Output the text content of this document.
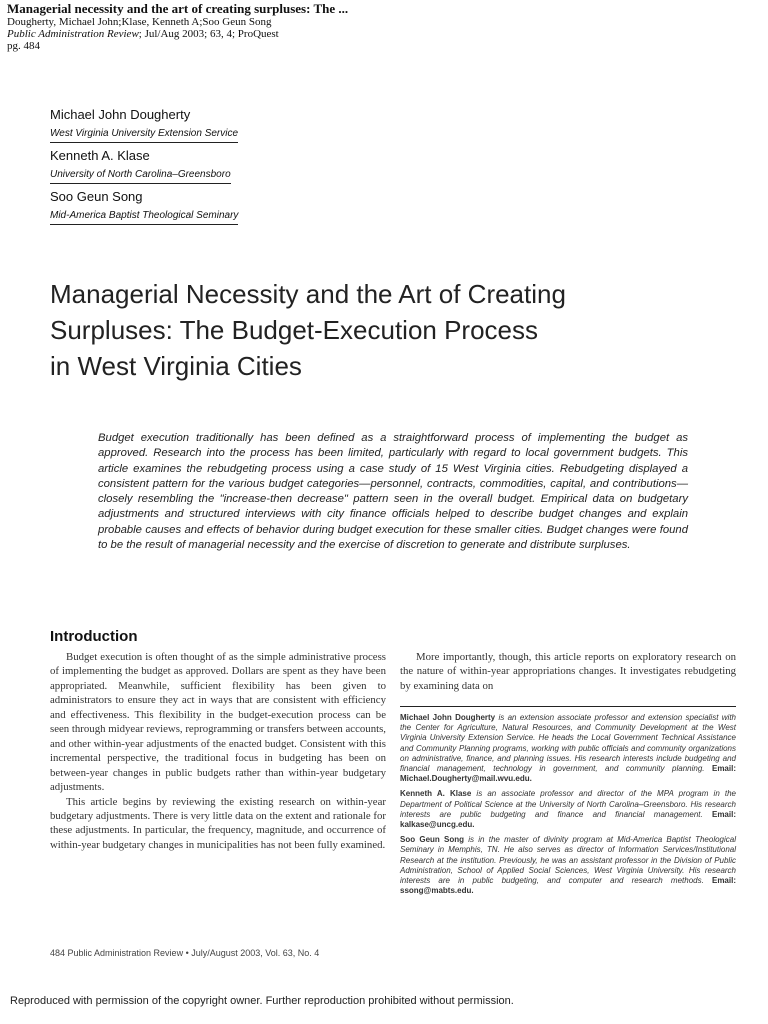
Managerial necessity and the art of creating surpluses: The ...
Dougherty, Michael John;Klase, Kenneth A;Soo Geun Song
Public Administration Review; Jul/Aug 2003; 63, 4; ProQuest
pg. 484
Michael John Dougherty
West Virginia University Extension Service
Kenneth A. Klase
University of North Carolina–Greensboro
Soo Geun Song
Mid-America Baptist Theological Seminary
Managerial Necessity and the Art of Creating
Surpluses: The Budget-Execution Process
in West Virginia Cities
Budget execution traditionally has been defined as a straightforward process of implementing the budget as approved. Research into the process has been limited, particularly with regard to local government budgets. This article examines the rebudgeting process using a case study of 15 West Virginia cities. Rebudgeting displayed a consistent pattern for the various budget categories—personnel, contracts, commodities, capital, and contributions—closely resembling the "increase-then decrease" pattern seen in the overall budget. Empirical data on budgetary adjustments and structured interviews with city finance officials helped to describe budget changes and explain probable causes and effects of behavior during budget execution for these smaller cities. Budget changes were found to be the result of managerial necessity and the exercise of discretion to generate and distribute surpluses.
Introduction

Budget execution is often thought of as the simple administrative process of implementing the budget as approved. Dollars are spent as they have been appropriated. Meanwhile, sufficient flexibility has been given to administrators to ensure they act in ways that are consistent with efficiency and effectiveness. This flexibility in the budget-execution process can be seen through midyear reviews, reprogramming or transfers between accounts, and other within-year adjustments of the enacted budget. Consistent with this incremental perspective, the traditional focus in budgeting has been on between-year changes in public budgets rather than within-year budgetary adjustments.

This article begins by reviewing the existing research on within-year budgetary adjustments. There is very little data on the extent and rationale for these adjustments. In particular, the frequency, magnitude, and occurrence of within-year budgetary changes in municipalities has not been fully examined.

More importantly, though, this article reports on exploratory research on the nature of within-year appropriations changes. It investigates rebudgeting by examining data on

Michael John Dougherty is an extension associate professor and extension specialist with the Center for Agriculture, Natural Resources, and Community Development at the West Virginia University Extension Service. He heads the Local Government Technical Assistance and Community Planning programs, working with public officials and community organizations on administrative, finance, and planning issues. His research interests include budgeting and financial management, technology in government, and community planning. Email: Michael.Dougherty@mail.wvu.edu.

Kenneth A. Klase is an associate professor and director of the MPA program in the Department of Political Science at the University of North Carolina–Greensboro. His research interests are public budgeting and finance and financial management. Email: kalkase@uncg.edu.

Soo Geun Song is in the master of divinity program at Mid-America Baptist Theological Seminary in Memphis, TN. He also serves as director of Information Services/Institutional Research at the institution. Previously, he was an assistant professor in the Division of Public Administration, School of Applied Social Sciences, West Virginia University. His research interests are in public budgeting, and computer and research methods. Email: ssong@mabts.edu.

484 Public Administration Review • July/August 2003, Vol. 63, No. 4
Reproduced with permission of the copyright owner. Further reproduction prohibited without permission.
